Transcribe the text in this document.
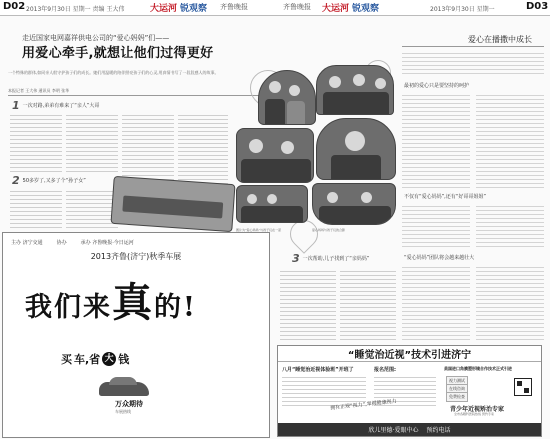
D02 2013年9月30日 星期一 责编 王大伟	大运河 锐观察 齐鲁晚报	齐鲁晚报 大运河 锐观察	2013年9月30日 星期一	D03
走近国家电网嘉祥供电公司的“爱心妈妈”们——
用爱心牵手,就想让他们过得更好
一个特殊的群体,如同亲人般守护孩子们的成长。她们用温暖的陪伴照亮孩子们的心灵,用真情书写了一段段感人的故事。
本报记者 王大伟 通讯员 李明 张华
1 一次对路,弟弟有难来了“亲人”大哥
2 50多岁了,又多了个“孙子女”
图片为“爱心妈妈”与孩子们在一起	爱心妈妈与孩子们的合影
3 一次帮助,儿子找到了“亲妈妈”
爱心在播撒中成长
最初的爱心只是要坚持的呵护
不仅有“爱心妈妈”,还有“好哥哥姐姐”
“爱心妈妈”团队将会越来越壮大
主办 济宁交通	协办	承办 齐鲁晚报·今日运河
2013齐鲁(济宁)秋季车展
我们来真的!
买 车,省 大 钱
万众期待
车展热线
“睡觉治近视”技术引进济宁
八月“睡觉治近视体验班”开班了	报名范围:	美国进口角膜塑形镜合作技术正式引进
视力测试
在线咨询
免费检查
青少年近视矫治专家
全市各眼科医院热线 预约专家
欣儿里德·爱眼中心 预约电话
拥有正规“视力”,掌握健康视力
